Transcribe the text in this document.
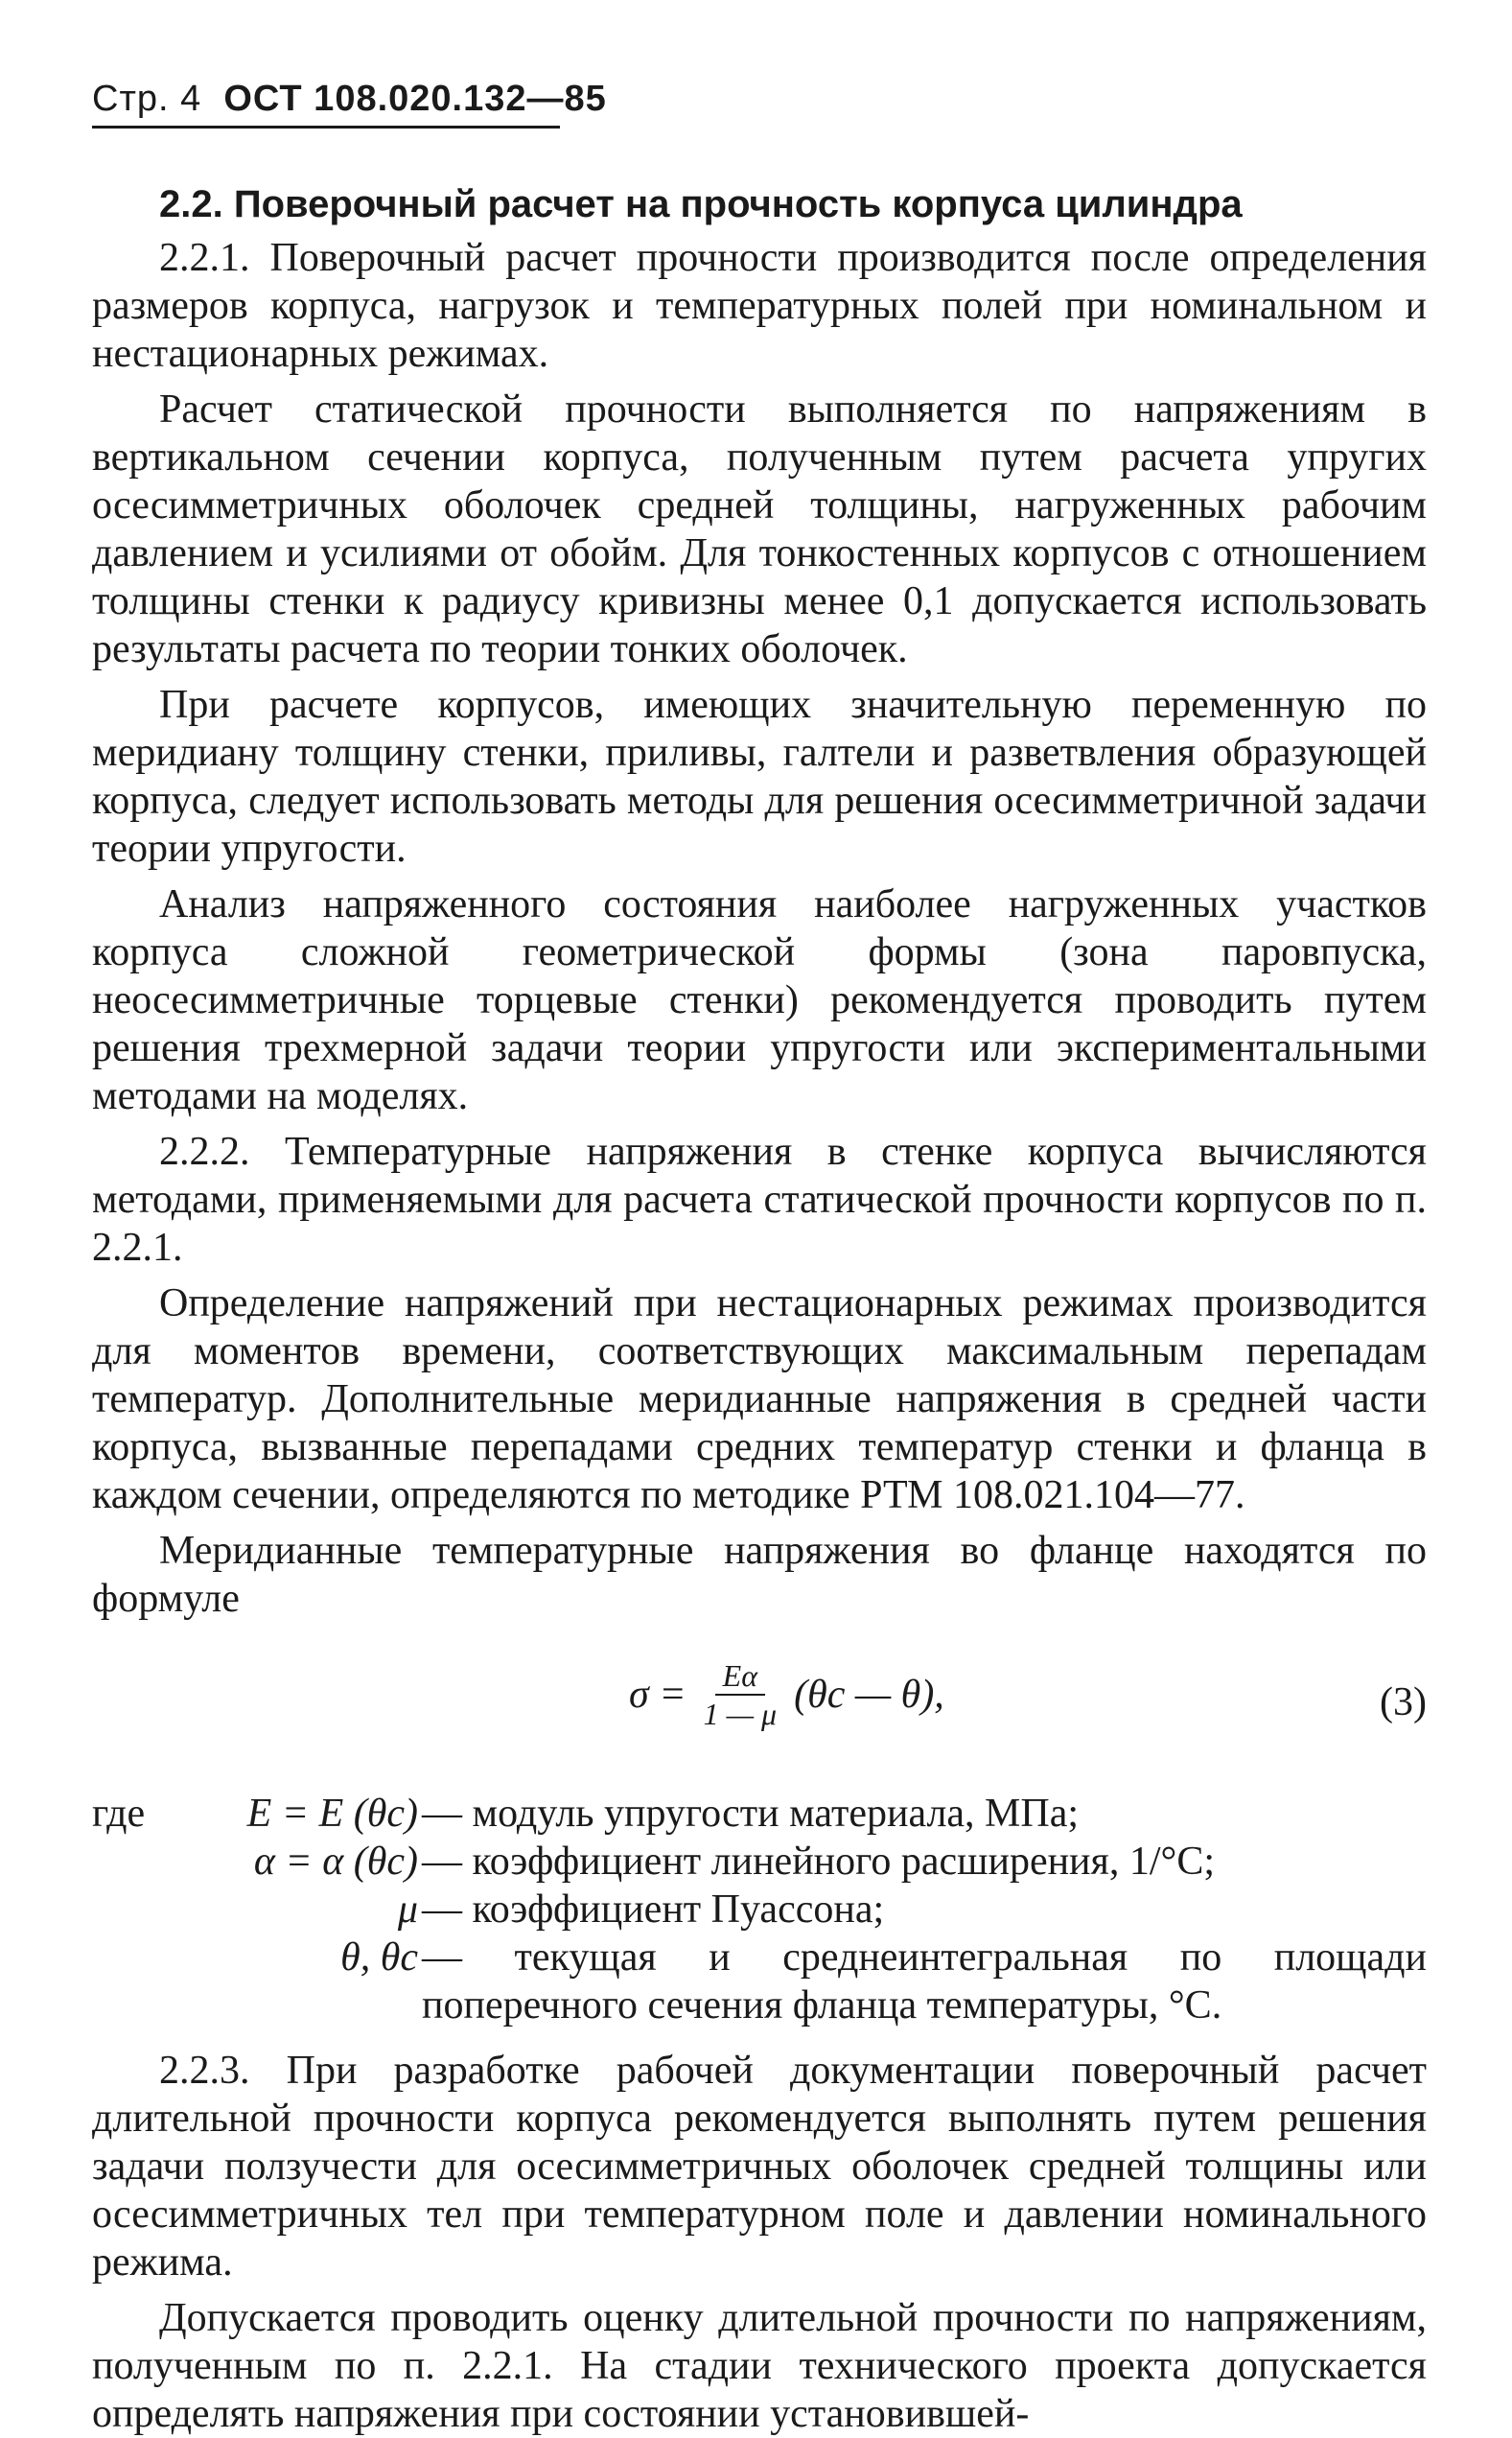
Стр. 4 ОСТ 108.020.132—85
2.2. Поверочный расчет на прочность корпуса цилиндра

2.2.1. Поверочный расчет прочности производится после определения размеров корпуса, нагрузок и температурных полей при номинальном и нестационарных режимах.

Расчет статической прочности выполняется по напряжениям в вертикальном сечении корпуса, полученным путем расчета упругих осесимметричных оболочек средней толщины, нагруженных рабочим давлением и усилиями от обойм. Для тонкостенных корпусов с отношением толщины стенки к радиусу кривизны менее 0,1 допускается использовать результаты расчета по теории тонких оболочек.

При расчете корпусов, имеющих значительную переменную по меридиану толщину стенки, приливы, галтели и разветвления образующей корпуса, следует использовать методы для решения осесимметричной задачи теории упругости.

Анализ напряженного состояния наиболее нагруженных участков корпуса сложной геометрической формы (зона паровпуска, неосесимметричные торцевые стенки) рекомендуется проводить путем решения трехмерной задачи теории упругости или экспериментальными методами на моделях.

2.2.2. Температурные напряжения в стенке корпуса вычисляются методами, применяемыми для расчета статической прочности корпусов по п. 2.2.1.

Определение напряжений при нестационарных режимах производится для моментов времени, соответствующих максимальным перепадам температур. Дополнительные меридианные напряжения в средней части корпуса, вызванные перепадами средних температур стенки и фланца в каждом сечении, определяются по методике РТМ 108.021.104—77.

Меридианные температурные напряжения во фланце находятся по формуле

$\sigma = \frac{E\alpha}{1 — \mu} (\theta c$ — θ),	(3)
где	E = E (θc) — модуль упругости материала, МПа;
α = α (θc) — коэффициент линейного расширения, 1/°C;
μ — коэффициент Пуассона;
θ, θc — текущая и среднеинтегральная по площади поперечного сечения фланца температуры, °C.

2.2.3. При разработке рабочей документации поверочный расчет длительной прочности корпуса рекомендуется выполнять путем решения задачи ползучести для осесимметричных оболочек средней толщины или осесимметричных тел при температурном поле и давлении номинального режима.

Допускается проводить оценку длительной прочности по напряжениям, полученным по п. 2.2.1. На стадии технического проекта допускается определять напряжения при состоянии установившей-
